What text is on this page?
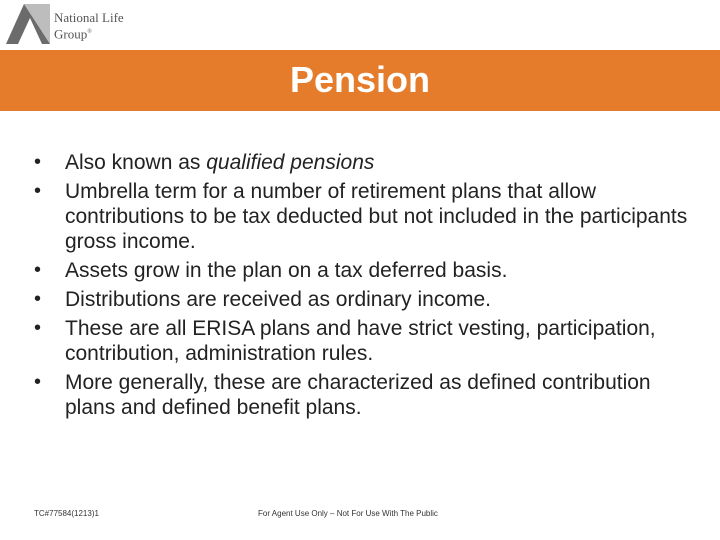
National Life
Group®
Pension
• Also known as qualified pensions
• Umbrella term for a number of retirement plans that allow contributions to be tax deducted but not included in the participants gross income.
• Assets grow in the plan on a tax deferred basis.
• Distributions are received as ordinary income.
• These are all ERISA plans and have strict vesting, participation, contribution, administration rules.
• More generally, these are characterized as defined contribution plans and defined benefit plans.
TC#77584(1213)1	For Agent Use Only – Not For Use With The Public
